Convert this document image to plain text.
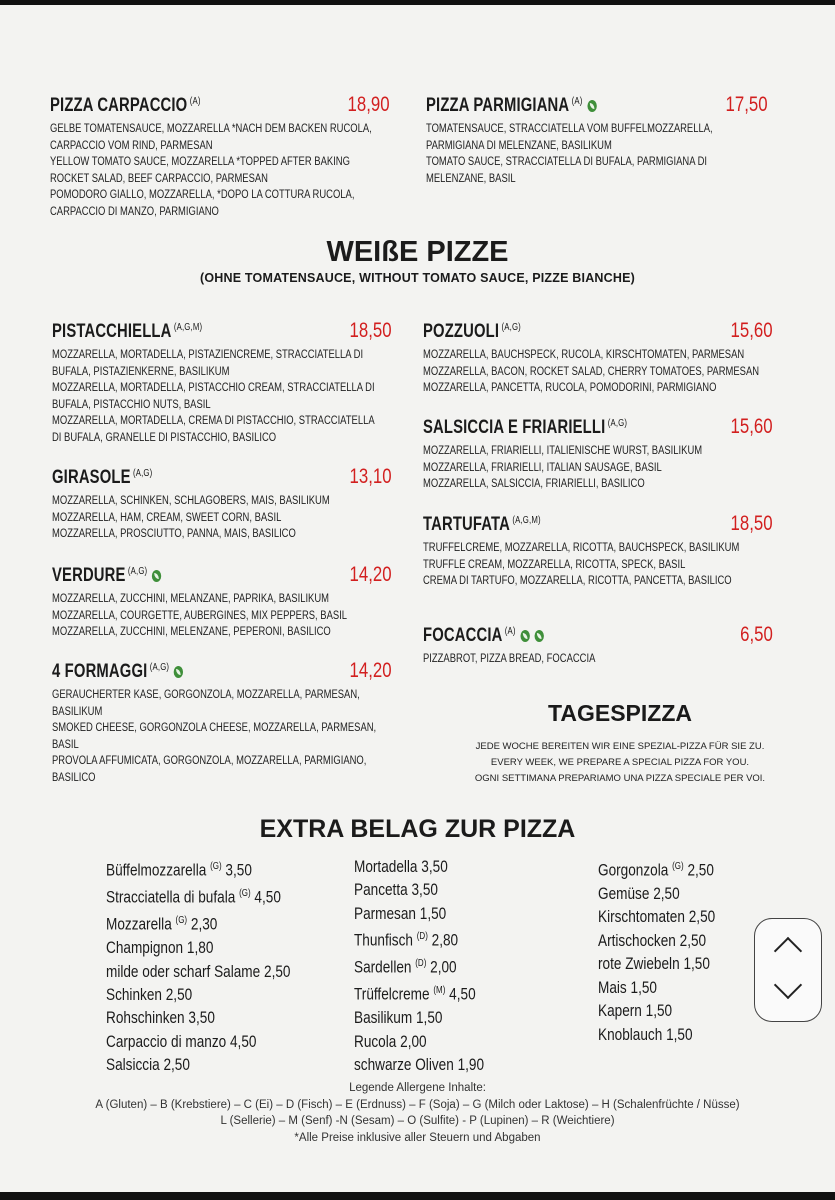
PIZZA CARPACCIO $^{(A)}$	18,90
GELBE TOMATENSAUCE, MOZZARELLA *NACH DEM BACKEN RUCOLA,
CARPACCIO VOM RIND, PARMESAN
YELLOW TOMATO SAUCE, MOZZARELLA *TOPPED AFTER BAKING
ROCKET SALAD, BEEF CARPACCIO, PARMESAN
POMODORO GIALLO, MOZZARELLA, *DOPO LA COTTURA RUCOLA,
CARPACCIO DI MANZO, PARMIGIANO
PIZZA PARMIGIANA $^{(A)}$	17,50
TOMATENSAUCE, STRACCIATELLA VOM BÜFFELMOZZARELLA,
PARMIGIANA DI MELENZANE, BASILIKUM
TOMATO SAUCE, STRACCIATELLA DI BUFALA, PARMIGIANA DI
MELENZANE, BASIL
WEIßE PIZZE
(OHNE TOMATENSAUCE, WITHOUT TOMATO SAUCE, PIZZE BIANCHE)
PISTACCHIELLA $^{(A,G,M)}$	18,50
MOZZARELLA, MORTADELLA, PISTAZIENCREME, STRACCIATELLA DI
BUFALA, PISTAZIENKERNE, BASILIKUM
MOZZARELLA, MORTADELLA, PISTACCHIO CREAM, STRACCIATELLA DI
BUFALA, PISTACCHIO NUTS, BASIL
MOZZARELLA, MORTADELLA, CREMA DI PISTACCHIO, STRACCIATELLA
DI BUFALA, GRANELLE DI PISTACCHIO, BASILICO
GIRASOLE $^{(A,G)}$	13,10
MOZZARELLA, SCHINKEN, SCHLAGOBERS, MAIS, BASILIKUM
MOZZARELLA, HAM, CREAM, SWEET CORN, BASIL
MOZZARELLA, PROSCIUTTO, PANNA, MAIS, BASILICO
VERDURE $^{(A,G)}$	14,20
MOZZARELLA, ZUCCHINI, MELANZANE, PAPRIKA, BASILIKUM
MOZZARELLA, COURGETTE, AUBERGINES, MIX PEPPERS, BASIL
MOZZARELLA, ZUCCHINI, MELENZANE, PEPERONI, BASILICO
4 FORMAGGI $^{(A,G)}$	14,20
GERÄUCHERTER KÄSE, GORGONZOLA, MOZZARELLA, PARMESAN,
BASILIKUM
SMOKED CHEESE, GORGONZOLA CHEESE, MOZZARELLA, PARMESAN,
BASIL
PROVOLA AFFUMICATA, GORGONZOLA, MOZZARELLA, PARMIGIANO,
BASILICO
POZZUOLI $^{(A,G)}$	15,60
MOZZARELLA, BAUCHSPECK, RUCOLA, KIRSCHTOMATEN, PARMESAN
MOZZARELLA, BACON, ROCKET SALAD, CHERRY TOMATOES, PARMESAN
MOZZARELLA, PANCETTA, RUCOLA, POMODORINI, PARMIGIANO
SALSICCIA E FRIARIELLI $^{(A,G)}$	15,60
MOZZARELLA, FRIARIELLI, ITALIENISCHE WURST, BASILIKUM
MOZZARELLA, FRIARIELLI, ITALIAN SAUSAGE, BASIL
MOZZARELLA, SALSICCIA, FRIARIELLI, BASILICO
TARTUFATA $^{(A,G,M)}$	18,50
TRÜFFELCREME, MOZZARELLA, RICOTTA, BAUCHSPECK, BASILIKUM
TRUFFLE CREAM, MOZZARELLA, RICOTTA, SPECK, BASIL
CREMA DI TARTUFO, MOZZARELLA, RICOTTA, PANCETTA, BASILICO
FOCACCIA $^{(A)}$	6,50
PIZZABROT, PIZZA BREAD, FOCACCIA
TAGESPIZZA
JEDE WOCHE BEREITEN WIR EINE SPEZIAL-PIZZA FÜR SIE ZU.
EVERY WEEK, WE PREPARE A SPECIAL PIZZA FOR YOU.
OGNI SETTIMANA PREPARIAMO UNA PIZZA SPECIALE PER VOI.
EXTRA BELAG ZUR PIZZA
Büffelmozzarella $^{(G)}$ 3,50
Stracciatella di bufala $^{(G)}$ 4,50
Mozzarella $^{(G)}$ 2,30
Champignon 1,80
milde oder scharf Salame 2,50
Schinken 2,50
Rohschinken 3,50
Carpaccio di manzo 4,50
Salsiccia 2,50
Mortadella 3,50
Pancetta 3,50
Parmesan 1,50
Thunfisch $^{(D)}$ 2,80
Sardellen $^{(D)}$ 2,00
Trüffelcreme $^{(M)}$ 4,50
Basilikum 1,50
Rucola 2,00
schwarze Oliven 1,90
Gorgonzola $^{(G)}$ 2,50
Gemüse 2,50
Kirschtomaten 2,50
Artischocken 2,50
rote Zwiebeln 1,50
Mais 1,50
Kapern 1,50
Knoblauch 1,50
Legende Allergene Inhalte:
A (Gluten) – B (Krebstiere) – C (Ei) – D (Fisch) – E (Erdnuss) – F (Soja) – G (Milch oder Laktose) – H (Schalenfrüchte / Nüsse)
L (Sellerie) – M (Senf) -N (Sesam) – O (Sulfite) - P (Lupinen) – R (Weichtiere)
*Alle Preise inklusive aller Steuern und Abgaben
